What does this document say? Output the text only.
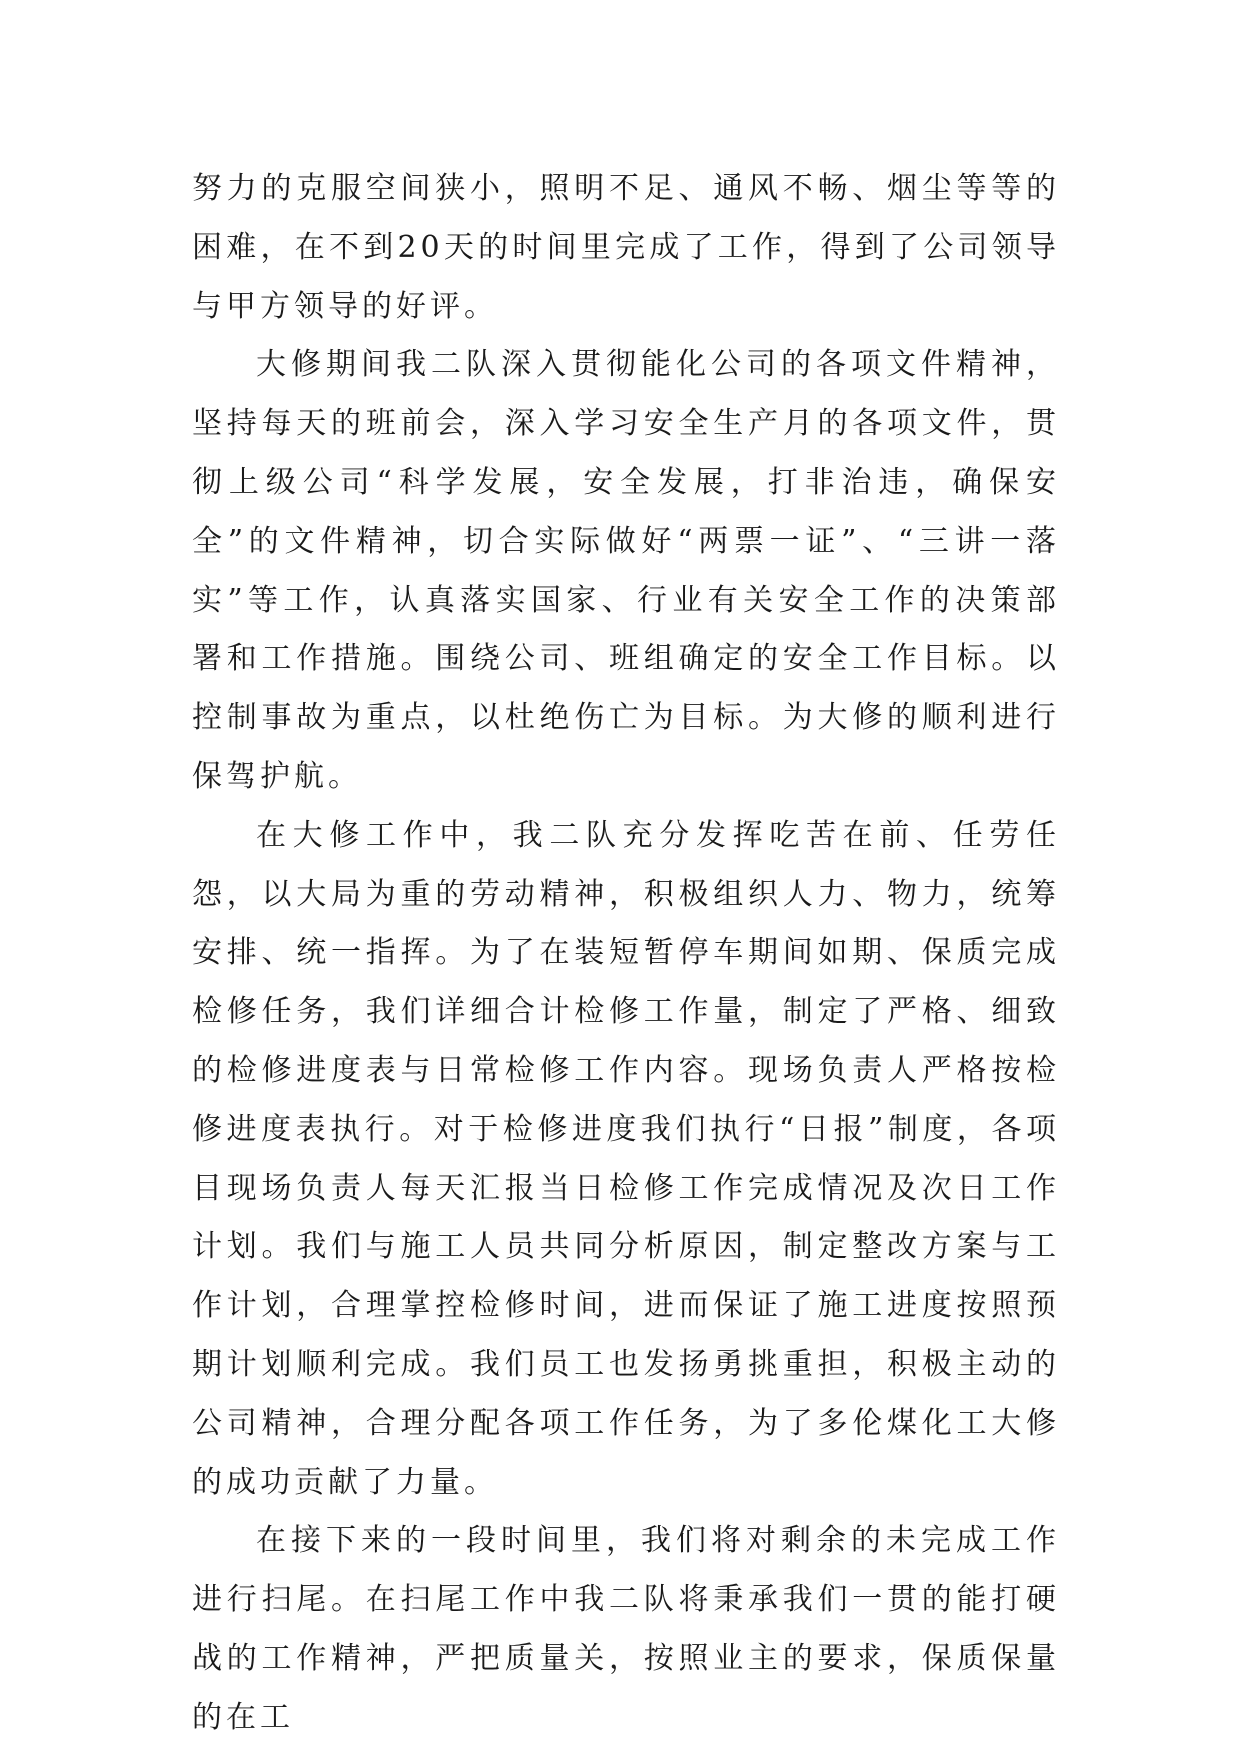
努力的克服空间狭小，照明不足、通风不畅、烟尘等等的困难，在不到20天的时间里完成了工作，得到了公司领导与甲方领导的好评。

大修期间我二队深入贯彻能化公司的各项文件精神，坚持每天的班前会，深入学习安全生产月的各项文件，贯彻上级公司“科学发展，安全发展，打非治违，确保安全”的文件精神，切合实际做好“两票一证”、“三讲一落实”等工作，认真落实国家、行业有关安全工作的决策部署和工作措施。围绕公司、班组确定的安全工作目标。以控制事故为重点，以杜绝伤亡为目标。为大修的顺利进行保驾护航。

在大修工作中，我二队充分发挥吃苦在前、任劳任怨，以大局为重的劳动精神，积极组织人力、物力，统筹安排、统一指挥。为了在装短暂停车期间如期、保质完成检修任务，我们详细合计检修工作量，制定了严格、细致的检修进度表与日常检修工作内容。现场负责人严格按检修进度表执行。对于检修进度我们执行“日报”制度，各项目现场负责人每天汇报当日检修工作完成情况及次日工作计划。我们与施工人员共同分析原因，制定整改方案与工作计划，合理掌控检修时间，进而保证了施工进度按照预期计划顺利完成。我们员工也发扬勇挑重担，积极主动的公司精神，合理分配各项工作任务，为了多伦煤化工大修的成功贡献了力量。

在接下来的一段时间里，我们将对剩余的未完成工作进行扫尾。在扫尾工作中我二队将秉承我们一贯的能打硬战的工作精神，严把质量关，按照业主的要求，保质保量的在工
